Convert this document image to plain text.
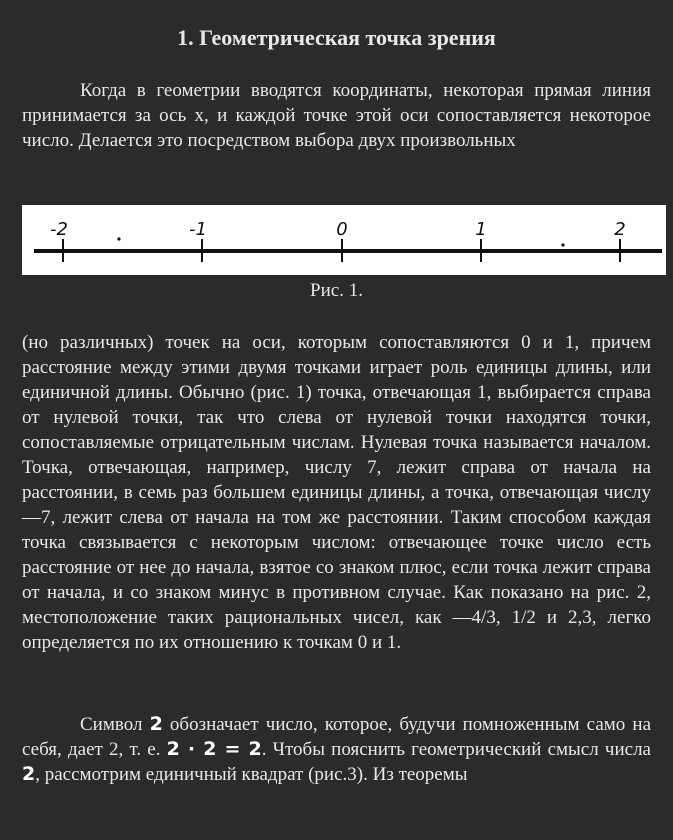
1. Геометрическая точка зрения
Когда в геометрии вводятся координаты, некоторая прямая линия принимается за ось x, и каждой точке этой оси сопоставляется некоторое число. Делается это посредством выбора двух произвольных
-2	-1	0	1	2
Рис. 1.
(но различных) точек на оси, которым сопоставляются 0 и 1, причем расстояние между этими двумя точками играет роль единицы длины, или единичной длины. Обычно (рис. 1) точка, отвечающая 1, выбирается справа от нулевой точки, так что слева от нулевой точки находятся точки, сопоставляемые отрицательным числам. Нулевая точка называется началом. Точка, отвечающая, например, числу 7, лежит справа от начала на расстоянии, в семь раз большем единицы длины, а точка, отвечающая числу —7, лежит слева от начала на том же расстоянии. Таким способом каждая точка связывается с некоторым числом: отвечающее точке число есть расстояние от нее до начала, взятое со знаком плюс, если точка лежит справа от начала, и со знаком минус в противном случае. Как показано на рис. 2, местоположение таких рациональных чисел, как —4/3, 1/2 и 2,3, легко определяется по их отношению к точкам 0 и 1.
Символ 2 обозначает число, которое, будучи помноженным само на себя, дает 2, т. е. 2 · 2 = 2. Чтобы пояснить геометрический смысл числа 2, рассмотрим единичный квадрат (рис.3). Из теоремы
